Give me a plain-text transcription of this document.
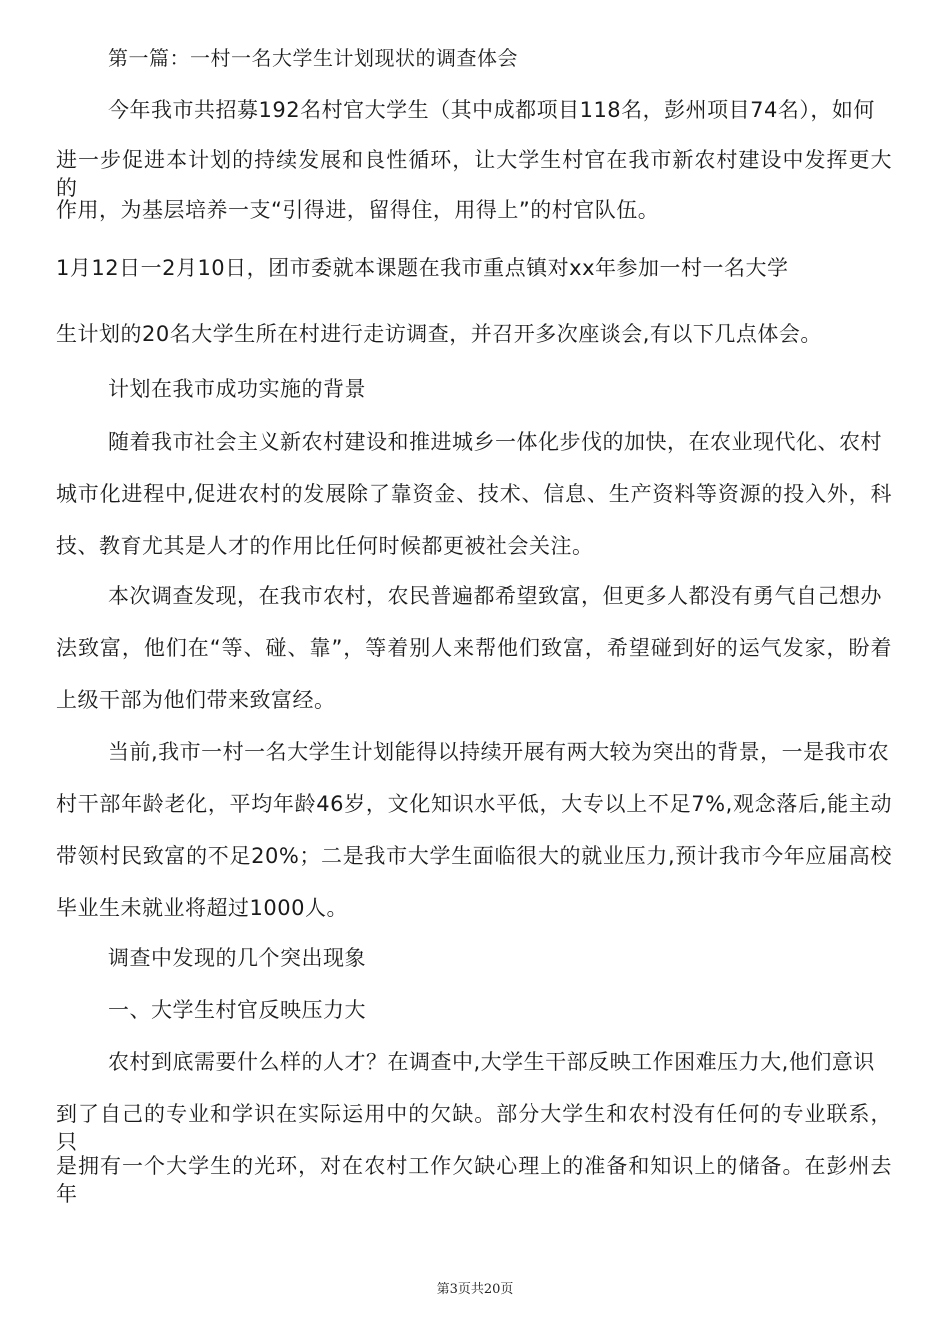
第一篇：一村一名大学生计划现状的调查体会
今年我市共招募192名村官大学生（其中成都项目118名，彭州项目74名），如何
进一步促进本计划的持续发展和良性循环，让大学生村官在我市新农村建设中发挥更大的
作用，为基层培养一支“引得进，留得住，用得上”的村官队伍。
1月12日一2月10日，团市委就本课题在我市重点镇对xx年参加一村一名大学
生计划的20名大学生所在村进行走访调查，并召开多次座谈会,有以下几点体会。
计划在我市成功实施的背景
随着我市社会主义新农村建设和推进城乡一体化步伐的加快，在农业现代化、农村
城市化进程中,促进农村的发展除了靠资金、技术、信息、生产资料等资源的投入外，科
技、教育尤其是人才的作用比任何时候都更被社会关注。
本次调查发现，在我市农村，农民普遍都希望致富，但更多人都没有勇气自己想办
法致富，他们在“等、碰、靠”，等着别人来帮他们致富，希望碰到好的运气发家，盼着
上级干部为他们带来致富经。
当前,我市一村一名大学生计划能得以持续开展有两大较为突出的背景，一是我市农
村干部年龄老化，平均年龄46岁，文化知识水平低，大专以上不足7%,观念落后,能主动
带领村民致富的不足20%；二是我市大学生面临很大的就业压力,预计我市今年应届高校
毕业生未就业将超过1000人。
调查中发现的几个突出现象
一、大学生村官反映压力大
农村到底需要什么样的人才？在调查中,大学生干部反映工作困难压力大,他们意识
到了自己的专业和学识在实际运用中的欠缺。部分大学生和农村没有任何的专业联系，只
是拥有一个大学生的光环，对在农村工作欠缺心理上的准备和知识上的储备。在彭州去年
第3页共20页
